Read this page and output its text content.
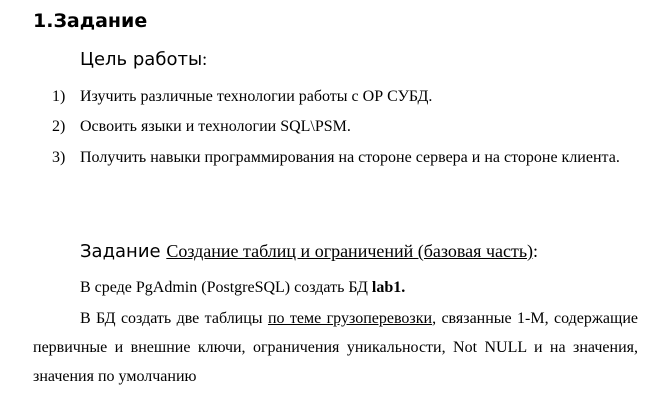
1.Задание
Цель работы:
1) Изучить различные технологии работы с ОР СУБД.
2) Освоить языки и технологии SQL\PSM.
3) Получить навыки программирования на стороне сервера и на стороне клиента.
Задание Создание таблиц и ограничений (базовая часть):
В среде PgAdmin (PostgreSQL) создать БД lab1.
В БД создать две таблицы по теме грузоперевозки, связанные 1-М, содержащие первичные и внешние ключи, ограничения уникальности, Not NULL и на значения, значения по умолчанию
